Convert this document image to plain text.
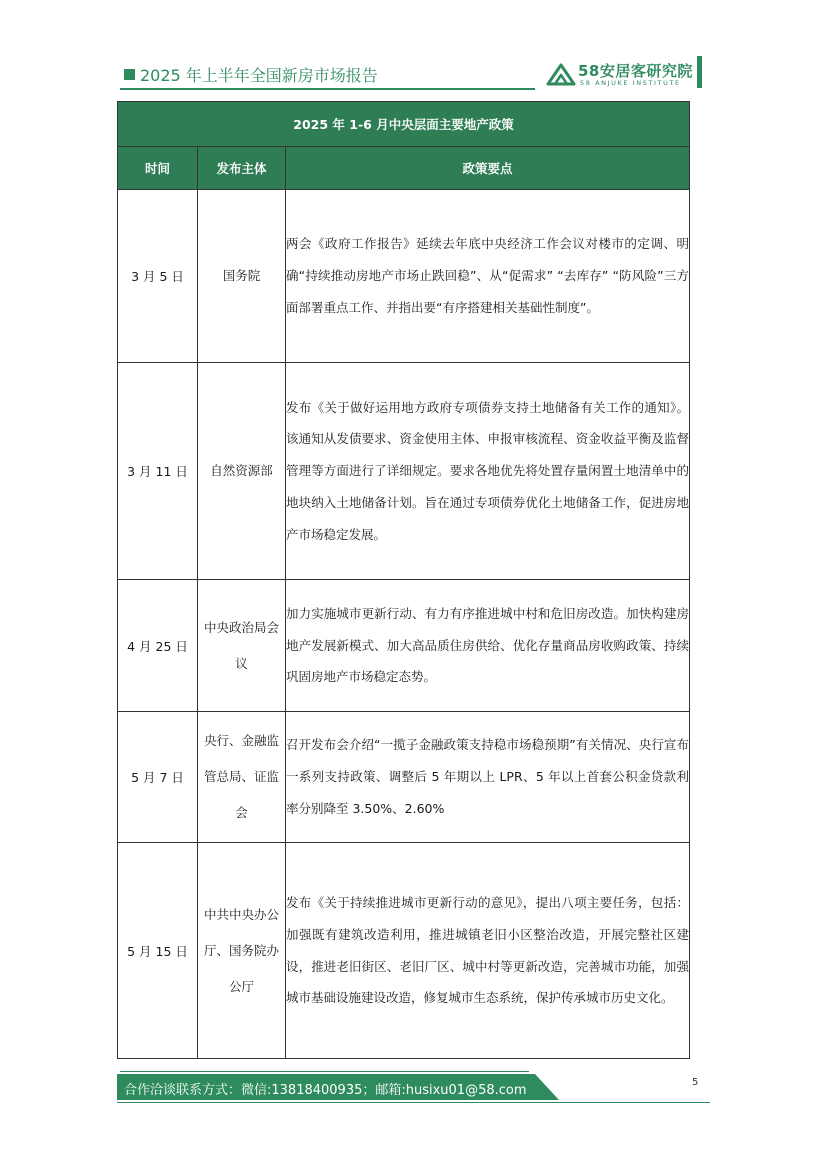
2025 年上半年全国新房市场报告	58安居客研究院
58 ANJUKE INSTITUTE
2025 年 1-6 月中央层面主要地产政策		
时间	发布主体	政策要点
3 月 5 日	国务院	两会《政府工作报告》延续去年底中央经济工作会议对楼市的定调、明确“持续推动房地产市场止跌回稳”、从“促需求” “去库存” “防风险”三方面部署重点工作、并指出要“有序搭建相关基础性制度”。
3 月 11 日	自然资源部	发布《关于做好运用地方政府专项债券支持土地储备有关工作的通知》。该通知从发债要求、资金使用主体、申报审核流程、资金收益平衡及监督管理等方面进行了详细规定。要求各地优先将处置存量闲置土地清单中的地块纳入土地储备计划。旨在通过专项债券优化土地储备工作，促进房地产市场稳定发展。
4 月 25 日	中央政治局会议	加力实施城市更新行动、有力有序推进城中村和危旧房改造。加快构建房地产发展新模式、加大高品质住房供给、优化存量商品房收购政策、持续巩固房地产市场稳定态势。
5 月 7 日	央行、金融监管总局、证监会	召开发布会介绍“一揽子金融政策支持稳市场稳预期”有关情况、央行宣布一系列支持政策、调整后 5 年期以上 LPR、5 年以上首套公积金贷款利率分别降至 3.50%、2.60%
5 月 15 日	中共中央办公厅、国务院办公厅	发布《关于持续推进城市更新行动的意见》，提出八项主要任务，包括：加强既有建筑改造利用，推进城镇老旧小区整治改造，开展完整社区建设，推进老旧街区、老旧厂区、城中村等更新改造，完善城市功能，加强城市基础设施建设改造，修复城市生态系统，保护传承城市历史文化。
合作洽谈联系方式：微信:13818400935；邮箱:husixu01@58.com
5
